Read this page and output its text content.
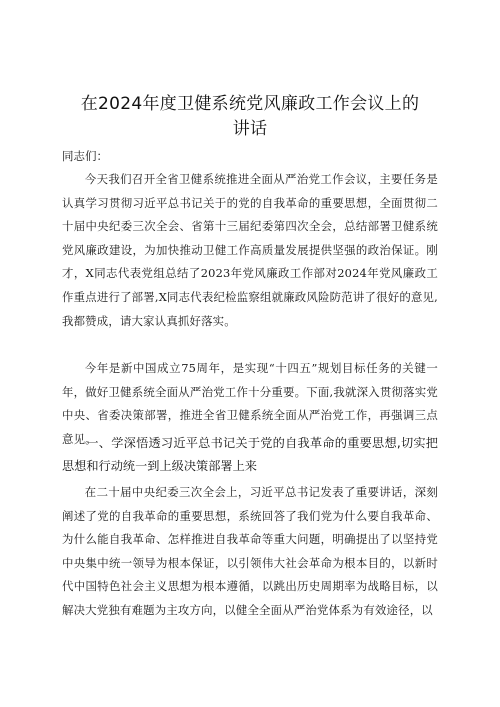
在2024年度卫健系统党风廉政工作会议上的
讲话
同志们：

今天我们召开全省卫健系统推进全面从严治党工作会议，主要任务是认真学习贯彻习近平总书记关于的党的自我革命的重要思想，全面贯彻二十届中央纪委三次全会、省第十三届纪委第四次全会，总结部署卫健系统党风廉政建设，为加快推动卫健工作高质量发展提供坚强的政治保证。刚才，X同志代表党组总结了2023年党风廉政工作部对2024年党风廉政工作重点进行了部署,X同志代表纪检监察组就廉政风险防范讲了很好的意见,我都赞成，请大家认真抓好落实。

今年是新中国成立75周年，是实现“十四五”规划目标任务的关键一年，做好卫健系统全面从严治党工作十分重要。下面,我就深入贯彻落实党中央、省委决策部署，推进全省卫健系统全面从严治党工作，再强调三点意见。

一、学深悟透习近平总书记关于党的自我革命的重要思想,切实把思想和行动统一到上级决策部署上来

在二十届中央纪委三次全会上，习近平总书记发表了重要讲话，深刻阐述了党的自我革命的重要思想，系统回答了我们党为什么要自我革命、为什么能自我革命、怎样推进自我革命等重大问题，明确提出了以坚持党中央集中统一领导为根本保证，以引领伟大社会革命为根本目的，以新时代中国特色社会主义思想为根本遵循，以跳出历史周期率为战略目标，以解决大党独有难题为主攻方向，以健全全面从严治党体系为有效途径，以
